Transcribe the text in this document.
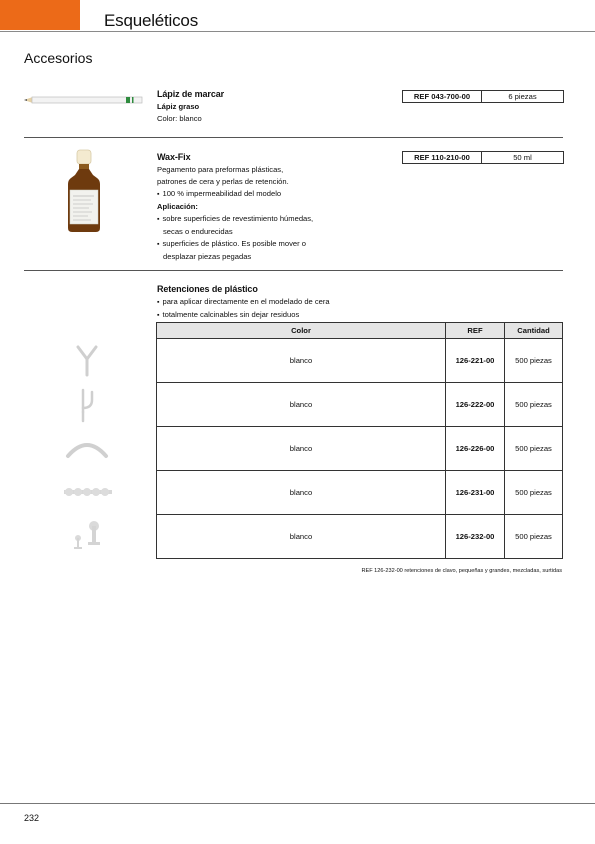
Esqueléticos
Accesorios
Lápiz de marcar
Lápiz graso
Color: blanco
REF 043-700-00	6 piezas
Wax-Fix
Pegamento para preformas plásticas,
patrones de cera y perlas de retención.
▪ 100 % impermeabilidad del modelo
Aplicación:
▪ sobre superficies de revestimiento húmedas,
secas o endurecidas
▪ superficies de plástico. Es posible mover o
desplazar piezas pegadas
REF 110-210-00	50 ml
Retenciones de plástico
▪ para aplicar directamente en el modelado de cera
▪ totalmente calcinables sin dejar residuos
Color	REF	Cantidad
blanco	126-221-00	500 piezas
blanco	126-222-00	500 piezas
blanco	126-226-00	500 piezas
blanco	126-231-00	500 piezas
blanco	126-232-00	500 piezas
REF 126-232-00 retenciones de clavo, pequeñas y grandes, mezcladas, surtidas
232
